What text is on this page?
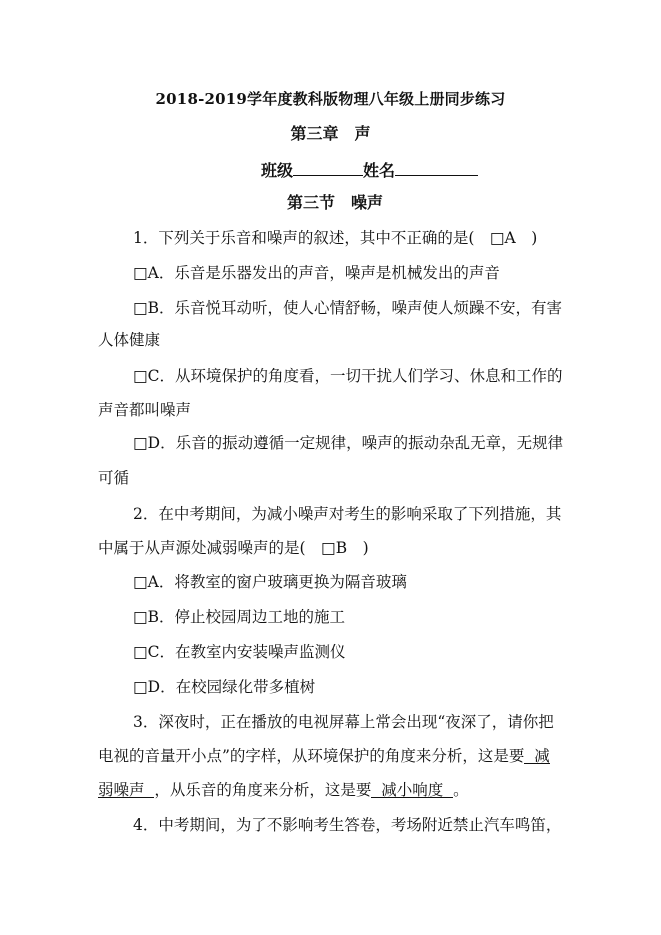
2018-2019学年度教科版物理八年级上册同步练习
第三章　声
班级	姓名
第三节　噪声
1．下列关于乐音和噪声的叙述，其中不正确的是(　□A　)
□A．乐音是乐器发出的声音，噪声是机械发出的声音
□B．乐音悦耳动听，使人心情舒畅，噪声使人烦躁不安，有害
人体健康
□C．从环境保护的角度看，一切干扰人们学习、休息和工作的
声音都叫噪声
□D．乐音的振动遵循一定规律，噪声的振动杂乱无章，无规律
可循
2．在中考期间，为减小噪声对考生的影响采取了下列措施，其
中属于从声源处减弱噪声的是(　□B　)
□A．将教室的窗户玻璃更换为隔音玻璃
□B．停止校园周边工地的施工
□C．在教室内安装噪声监测仪
□D．在校园绿化带多植树
3．深夜时，正在播放的电视屏幕上常会出现“夜深了，请你把
电视的音量开小点”的字样，从环境保护的角度来分析，这是要 减
弱噪声 ，从乐音的角度来分析，这是要 减小响度 。
4．中考期间，为了不影响考生答卷，考场附近禁止汽车鸣笛，
